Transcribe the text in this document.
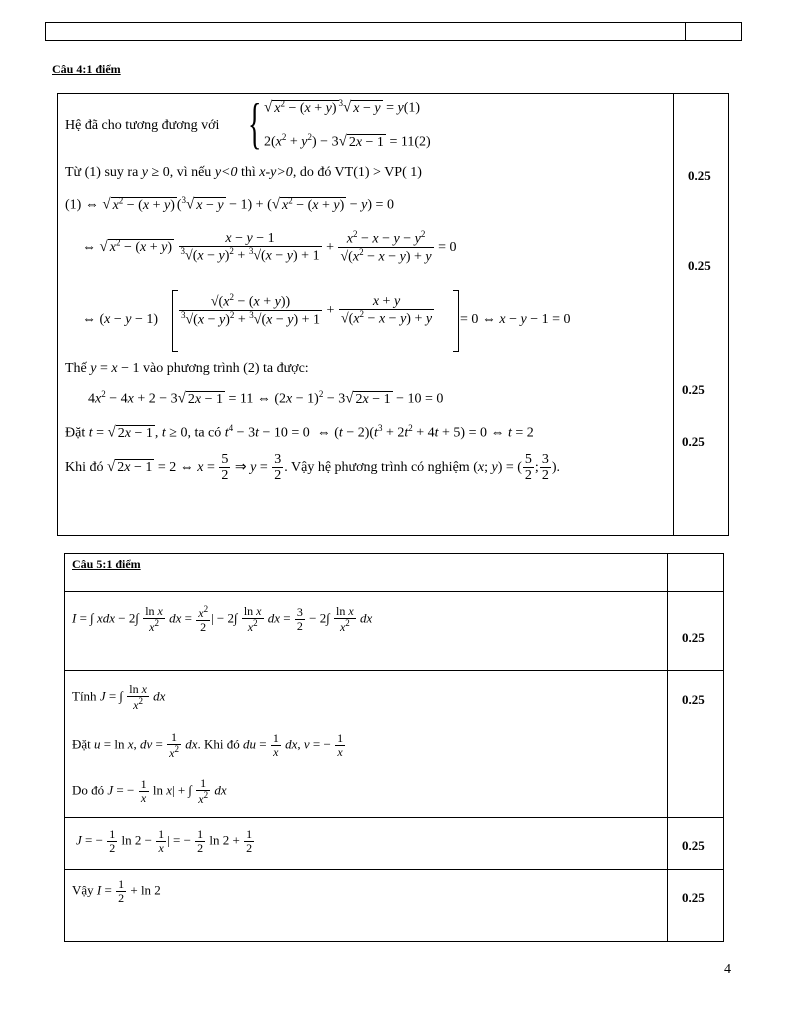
Câu 4:1 điểm
Hệ đã cho tương đương với { √ $x^2 - (x + y)$ $^3$√ x − y = y(1)
$2(x^2 + y^2) - 3√$ 2x − 1 = 11(2)
Từ (1) suy ra y ≥ 0, vì nếu y<0 thì x-y>0, do đó VT(1) > VP( 1)
(1) ⇔ √ $x^2 - (x + y)$ ($^3$√ x − y − 1) + (√ $x^2 - (x + y) - y) = 0$
⇔ √ $x^2 - (x + y) \frac{x - y - 1}{^3√(x - y)^2 + ^3√(x - y) + 1} + \frac{x^2 - x - y - y^2}{√(x^2 - x - y) + y} = 0$
⇔ $(x - y - 1) \frac{√(x^2 - (x + y))}{^3√(x - y)^2 + ^3√(x - y) + 1} + \frac{x + y}{√(x^2 - x - y) + y} = 0$ ⇔ x − y − 1 = 0
Thế y = x − 1 vào phương trình (2) ta được:
$4x^2 - 4x + 2 - 3√$ 2x − 1 = 11 ⇔ $(2x - 1)^2 - 3√$ 2x − 1 − 10 = 0
Đặt t = √ 2x − 1 , t ≥ 0, ta có $t^4 - 3t - 10 = 0$  ⇔ $(t - 2)(t^3 + 2t^2 + 4t + 5) = 0$ ⇔ t = 2
Khi đó √ 2x − 1 = 2 ⇔ $x = \frac{5}{2}$ ⇒ $y = \frac{3}{2}$ . Vậy hệ phương trình có nghiệm (x; y) = ( $\frac{5}{2}$ ; $\frac{3}{2}$ ).
0.25
0.25
0.25
0.25
Câu 5:1 điểm
I = ∫ xdx − $2\int \frac{\text{ln x}}{x^2}$ dx = $\frac{x^2}{2}$ | − $2\int \frac{\text{ln x}}{x^2}$ dx = $\frac{3}{2} - 2\int \frac{\text{ln x}}{x^2}$ dx
Tính J = ∫ $\frac{\text{ln x}}{x^2}$ dx
Đặt u = ln x, dv = $\frac{1}{x^2}$ dx. Khi đó du = $\frac{1}{x}$ dx, v = − $\frac{1}{x}$
Do đó J = − $\frac{1}{x}$ ln x| + ∫ $\frac{1}{x^2}$ dx
J = − $\frac{1}{2}$ $\ln 2 - \frac{1}{x}$ | = − $\frac{1}{2}$ $\ln 2 + \frac{1}{2}$
Vậy $I = \frac{1}{2} + \ln 2$
0.25
0.25
0.25
0.25
4
